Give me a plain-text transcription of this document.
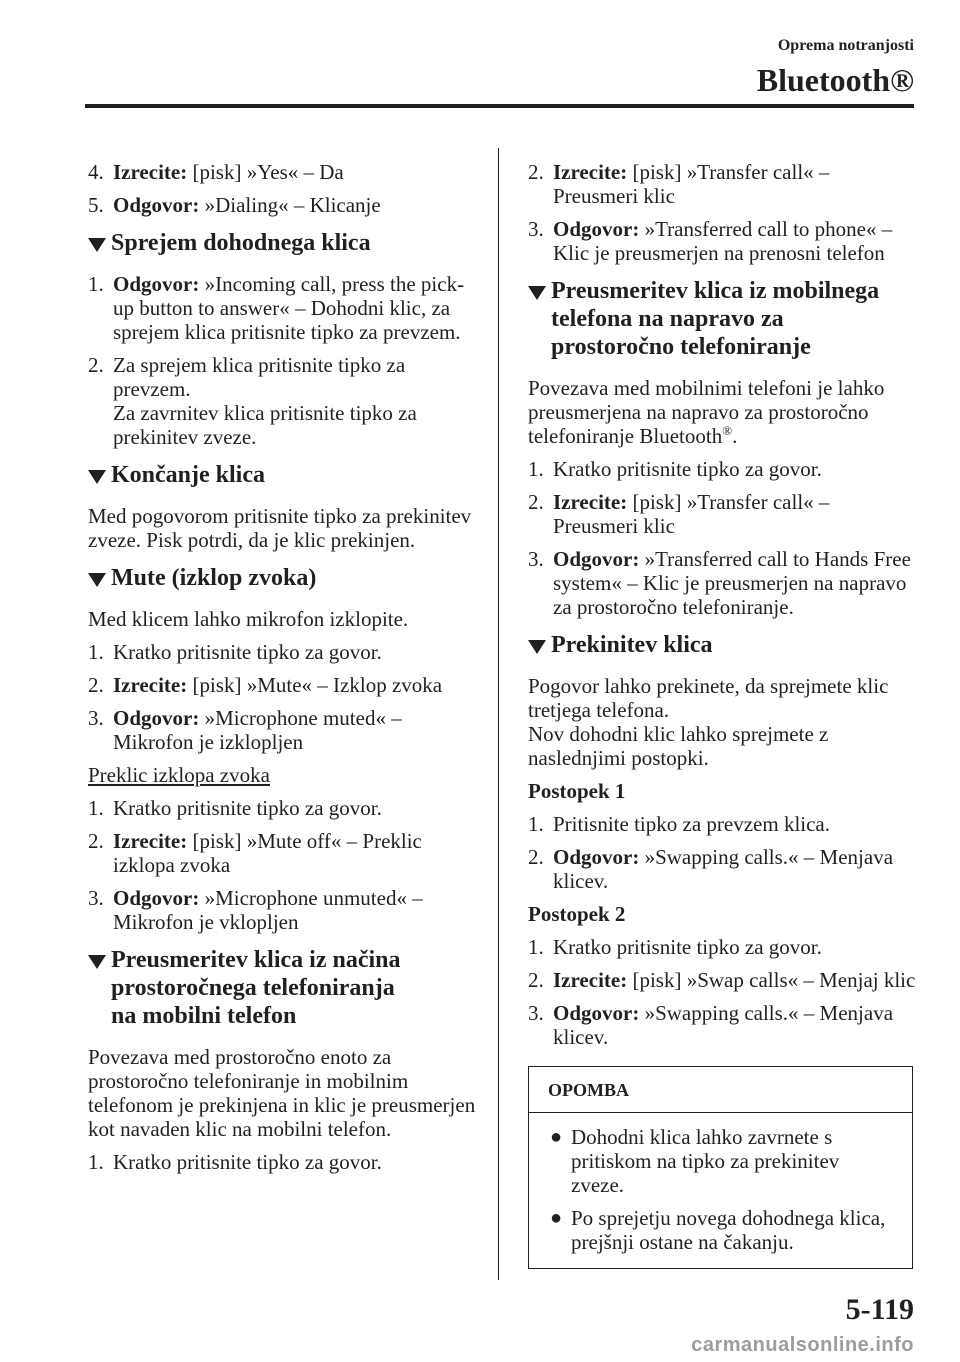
Oprema notranjosti
Bluetooth®
4. Izrecite: [pisk] »Yes« – Da
5. Odgovor: »Dialing« – Klicanje
Sprejem dohodnega klica
1. Odgovor: »Incoming call, press the pick-up button to answer« – Dohodni klic, za sprejem klica pritisnite tipko za prevzem.
2. Za sprejem klica pritisnite tipko za prevzem.
Za zavrnitev klica pritisnite tipko za prekinitev zveze.
Končanje klica
Med pogovorom pritisnite tipko za prekinitev zveze. Pisk potrdi, da je klic prekinjen.
Mute (izklop zvoka)
Med klicem lahko mikrofon izklopite.
1. Kratko pritisnite tipko za govor.
2. Izrecite: [pisk] »Mute« – Izklop zvoka
3. Odgovor: »Microphone muted« – Mikrofon je izklopljen
Preklic izklopa zvoka
1. Kratko pritisnite tipko za govor.
2. Izrecite: [pisk] »Mute off« – Preklic izklopa zvoka
3. Odgovor: »Microphone unmuted« – Mikrofon je vklopljen
Preusmeritev klica iz načina
prostoročnega telefoniranja
na mobilni telefon
Povezava med prostoročno enoto za prostoročno telefoniranje in mobilnim telefonom je prekinjena in klic je preusmerjen kot navaden klic na mobilni telefon.
1. Kratko pritisnite tipko za govor.
2. Izrecite: [pisk] »Transfer call« – Preusmeri klic
3. Odgovor: »Transferred call to phone« – Klic je preusmerjen na prenosni telefon
Preusmeritev klica iz mobilnega
telefona na napravo za
prostoročno telefoniranje
Povezava med mobilnimi telefoni je lahko preusmerjena na napravo za prostoročno telefoniranje Bluetooth®.
1. Kratko pritisnite tipko za govor.
2. Izrecite: [pisk] »Transfer call« – Preusmeri klic
3. Odgovor: »Transferred call to Hands Free system« – Klic je preusmerjen na napravo za prostoročno telefoniranje.
Prekinitev klica
Pogovor lahko prekinete, da sprejmete klic tretjega telefona.
Nov dohodni klic lahko sprejmete z naslednjimi postopki.
Postopek 1
1. Pritisnite tipko za prevzem klica.
2. Odgovor: »Swapping calls.« – Menjava klicev.
Postopek 2
1. Kratko pritisnite tipko za govor.
2. Izrecite: [pisk] »Swap calls« – Menjaj klic
3. Odgovor: »Swapping calls.« – Menjava klicev.
OPOMBA
● Dohodni klica lahko zavrnete s pritiskom na tipko za prekinitev zveze.
● Po sprejetju novega dohodnega klica, prejšnji ostane na čakanju.
5-119
carmanualsonline.info
